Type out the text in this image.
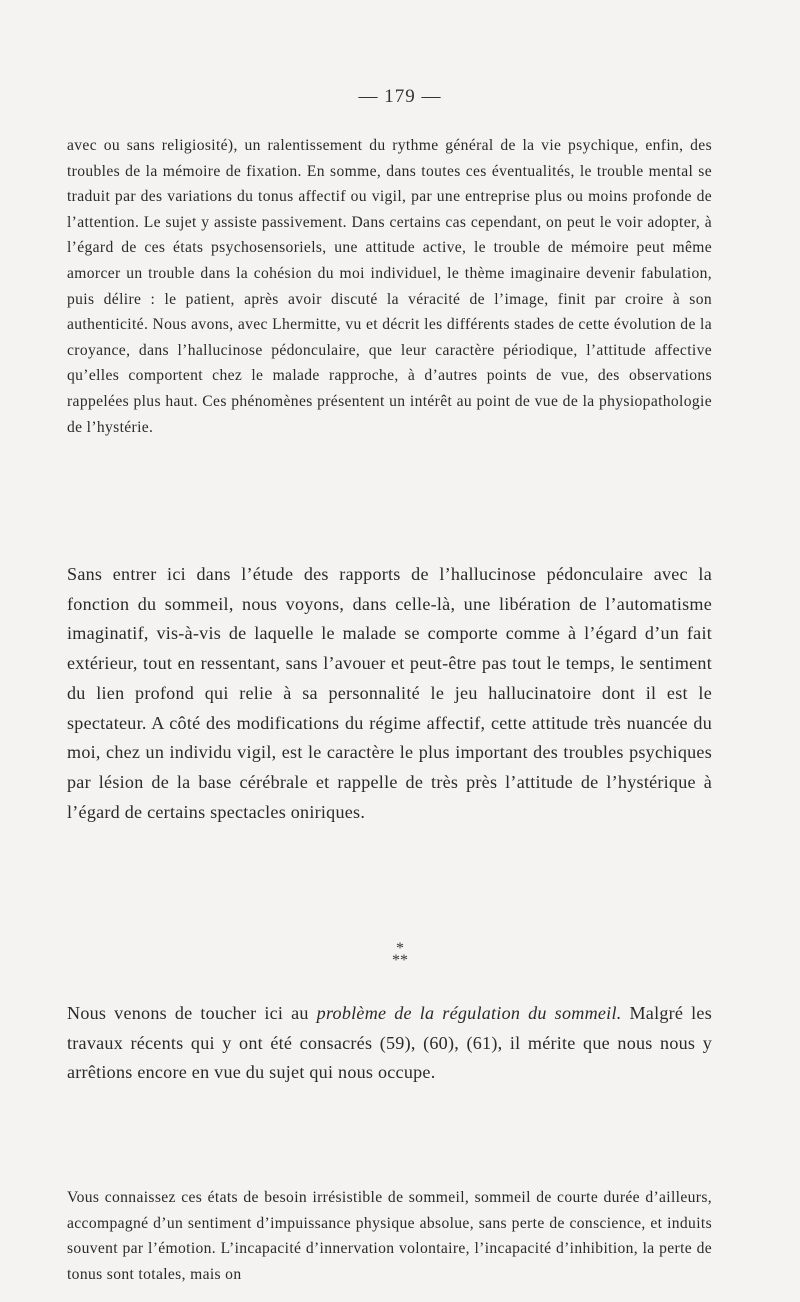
— 179 —

avec ou sans religiosité), un ralentissement du rythme général de la vie psychique, enfin, des troubles de la mémoire de fixation. En somme, dans toutes ces éventualités, le trouble mental se traduit par des variations du tonus affectif ou vigil, par une entreprise plus ou moins profonde de l’attention. Le sujet y assiste passivement. Dans certains cas cependant, on peut le voir adopter, à l’égard de ces états psychosensoriels, une attitude active, le trouble de mémoire peut même amorcer un trouble dans la cohésion du moi individuel, le thème imaginaire devenir fabulation, puis délire : le patient, après avoir discuté la véracité de l’image, finit par croire à son authenticité. Nous avons, avec Lhermitte, vu et décrit les différents stades de cette évolution de la croyance, dans l’hallucinose pédonculaire, que leur caractère périodique, l’attitude affective qu’elles comportent chez le malade rapproche, à d’autres points de vue, des observations rappelées plus haut. Ces phénomènes présentent un intérêt au point de vue de la physiopathologie de l’hystérie.

Sans entrer ici dans l’étude des rapports de l’hallucinose pédonculaire avec la fonction du sommeil, nous voyons, dans celle-là, une libération de l’automatisme imaginatif, vis-à-vis de laquelle le malade se comporte comme à l’égard d’un fait extérieur, tout en ressentant, sans l’avouer et peut-être pas tout le temps, le sentiment du lien profond qui relie à sa personnalité le jeu hallucinatoire dont il est le spectateur. A côté des modifications du régime affectif, cette attitude très nuancée du moi, chez un individu vigil, est le caractère le plus important des troubles psychiques par lésion de la base cérébrale et rappelle de très près l’attitude de l’hystérique à l’égard de certains spectacles oniriques.

*
**

Nous venons de toucher ici au problème de la régulation du sommeil. Malgré les travaux récents qui y ont été consacrés (59), (60), (61), il mérite que nous nous y arrêtions encore en vue du sujet qui nous occupe.

Vous connaissez ces états de besoin irrésistible de sommeil, sommeil de courte durée d’ailleurs, accompagné d’un sentiment d’impuissance physique absolue, sans perte de conscience, et induits souvent par l’émotion. L’incapacité d’innervation volontaire, l’incapacité d’inhibition, la perte de tonus sont totales, mais on
